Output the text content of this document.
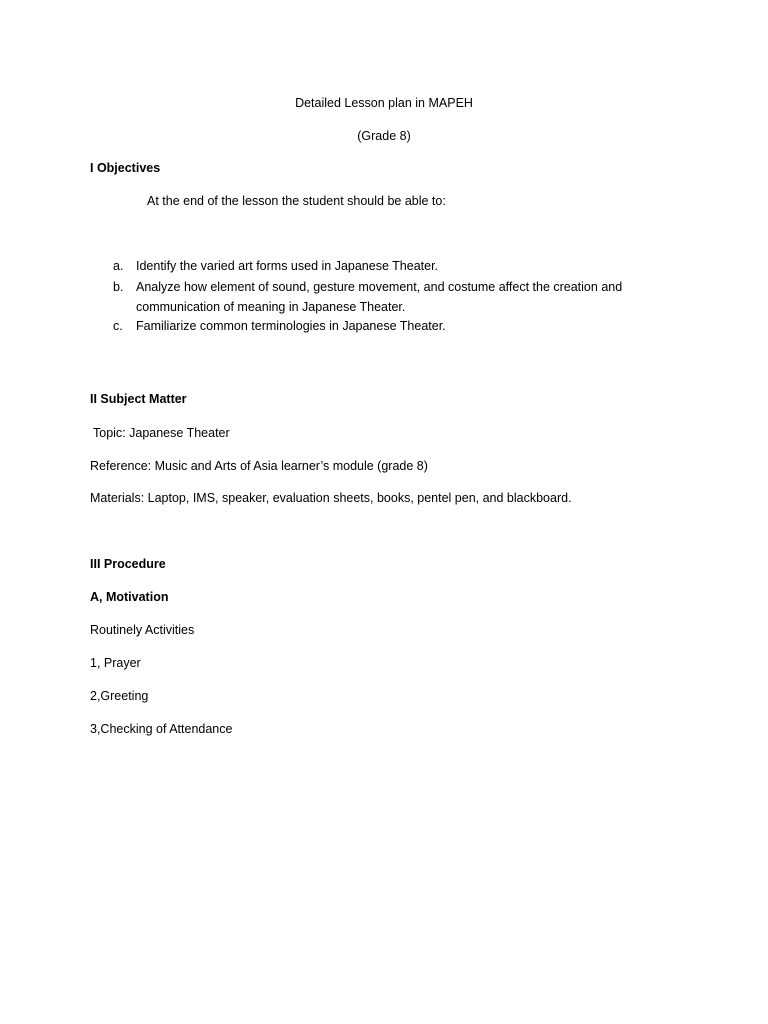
Detailed Lesson plan in MAPEH
(Grade 8)
I Objectives
At the end of the lesson the student should be able to:
a. Identify the varied art forms used in Japanese Theater.
b. Analyze how element of sound, gesture movement, and costume affect the creation and
communication of meaning in Japanese Theater.
c. Familiarize common terminologies in Japanese Theater.
II Subject Matter
Topic: Japanese Theater
Reference: Music and Arts of Asia learner’s module (grade 8)
Materials: Laptop, IMS, speaker, evaluation sheets, books, pentel pen, and blackboard.
III Procedure
A, Motivation
Routinely Activities
1, Prayer
2,Greeting
3,Checking of Attendance
